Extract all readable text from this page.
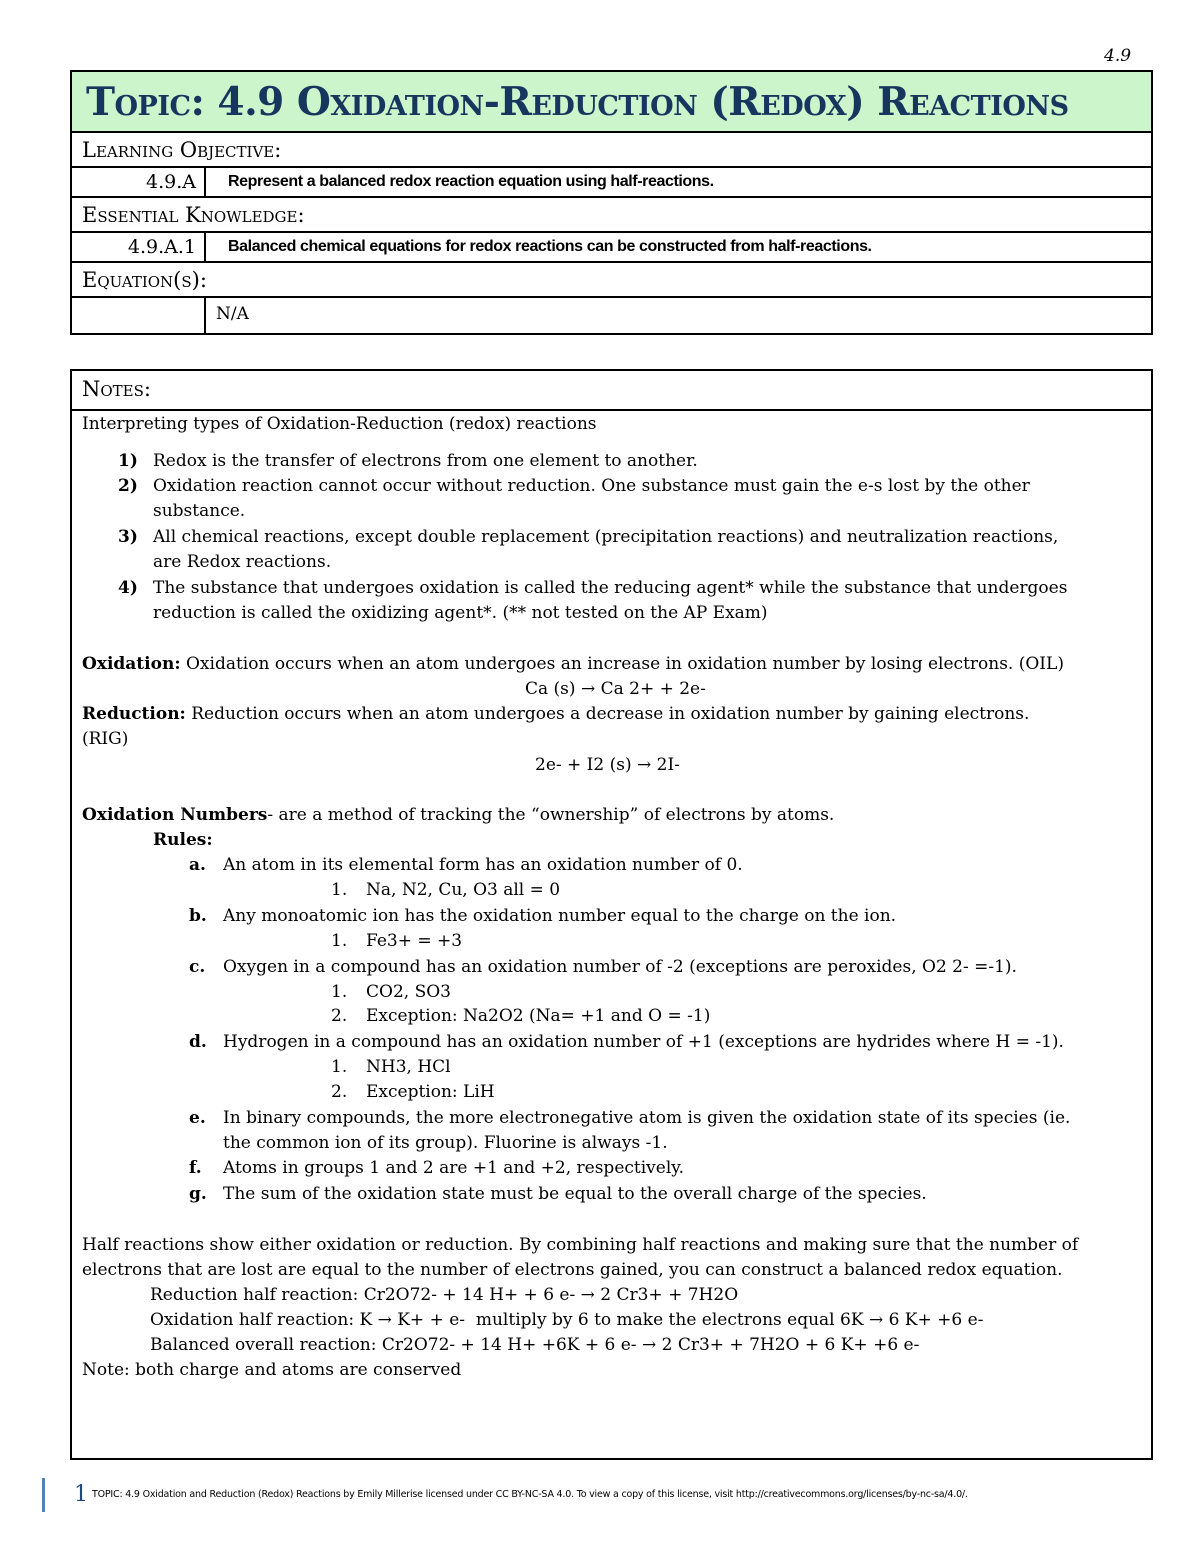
4.9
Topic: 4.9 Oxidation-Reduction (Redox) Reactions	
Learning Objective:	
4.9.A	Represent a balanced redox reaction equation using half-reactions.
Essential Knowledge:	
4.9.A.1	Balanced chemical equations for redox reactions can be constructed from half-reactions.
Equation(s):	
	N/A
Notes:
Interpreting types of Oxidation-Reduction (redox) reactions
1) Redox is the transfer of electrons from one element to another.
2) Oxidation reaction cannot occur without reduction. One substance must gain the e-s lost by the other
substance.
3) All chemical reactions, except double replacement (precipitation reactions) and neutralization reactions,
are Redox reactions.
4) The substance that undergoes oxidation is called the reducing agent* while the substance that undergoes
reduction is called the oxidizing agent*. (** not tested on the AP Exam)
Oxidation: Oxidation occurs when an atom undergoes an increase in oxidation number by losing electrons. (OIL)
Ca (s) → Ca 2+ + 2e-
Reduction: Reduction occurs when an atom undergoes a decrease in oxidation number by gaining electrons.
(RIG)
2e- + I2 (s) → 2I-
Oxidation Numbers- are a method of tracking the “ownership” of electrons by atoms.
Rules:
a. An atom in its elemental form has an oxidation number of 0.
1. Na, N2, Cu, O3 all = 0
b. Any monoatomic ion has the oxidation number equal to the charge on the ion.
1. Fe3+ = +3
c. Oxygen in a compound has an oxidation number of -2 (exceptions are peroxides, O2 2- =-1).
1. CO2, SO3
2. Exception: Na2O2 (Na= +1 and O = -1)
d. Hydrogen in a compound has an oxidation number of +1 (exceptions are hydrides where H = -1).
1. NH3, HCl
2. Exception: LiH
e. In binary compounds, the more electronegative atom is given the oxidation state of its species (ie.
the common ion of its group). Fluorine is always -1.
f. Atoms in groups 1 and 2 are +1 and +2, respectively.
g. The sum of the oxidation state must be equal to the overall charge of the species.
Half reactions show either oxidation or reduction. By combining half reactions and making sure that the number of
electrons that are lost are equal to the number of electrons gained, you can construct a balanced redox equation.
Reduction half reaction: Cr2O72- + 14 H+ + 6 e- → 2 Cr3+ + 7H2O
Oxidation half reaction: K → K+ + e- multiply by 6 to make the electrons equal 6K → 6 K+ +6 e-
Balanced overall reaction: Cr2O72- + 14 H+ +6K + 6 e- → 2 Cr3+ + 7H2O + 6 K+ +6 e-
Note: both charge and atoms are conserved
1 TOPIC: 4.9 Oxidation and Reduction (Redox) Reactions by Emily Millerise licensed under CC BY-NC-SA 4.0. To view a copy of this license, visit http://creativecommons.org/licenses/by-nc-sa/4.0/.
